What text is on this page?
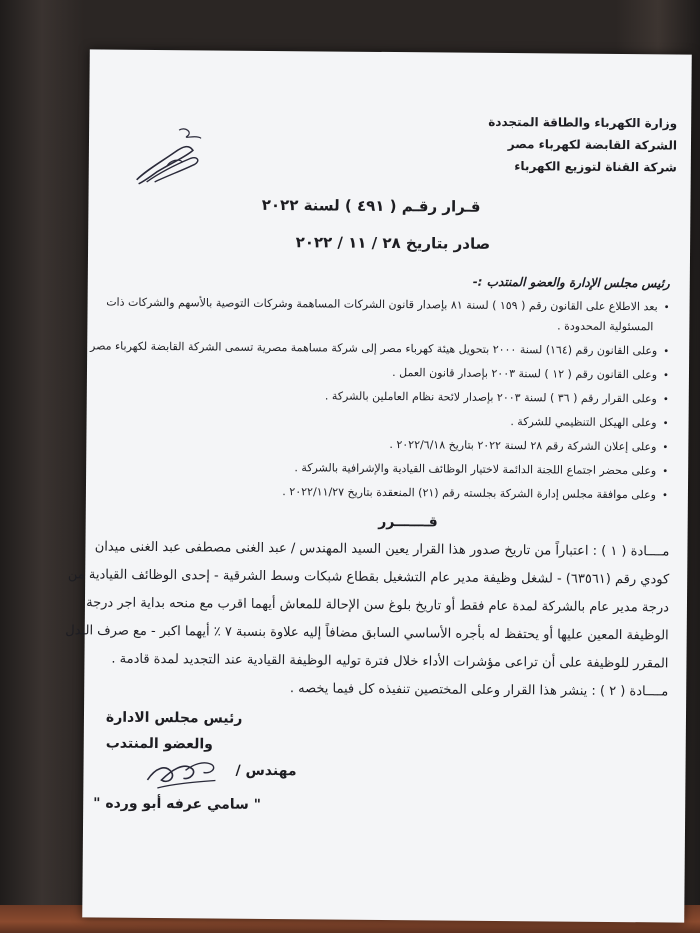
وزارة الكهرباء والطاقة المتجددة
الشركة القابضة لكهرباء مصر
شركة القناة لتوزيع الكهرباء
قـرار رقـم ( ٤٩١ ) لسنة ٢٠٢٢
صادر بتاريخ ٢٨ / ١١ / ٢٠٢٢
رئيس مجلس الإدارة والعضو المنتدب :-
•بعد الاطلاع على القانون رقم ( ١٥٩ ) لسنة ٨١ بإصدار قانون الشركات المساهمة وشركات التوصية بالأسهم والشركات ذات
المسئولية المحدودة .
•وعلى القانون رقم (١٦٤) لسنة ٢٠٠٠ بتحويل هيئة كهرباء مصر إلى شركة مساهمة مصرية تسمى الشركة القابضة لكهرباء مصر .
•وعلى القانون رقم ( ١٢ ) لسنة ٢٠٠٣ بإصدار قانون العمل .
•وعلى القرار رقم ( ٣٦ ) لسنة ٢٠٠٣ بإصدار لائحة نظام العاملين بالشركة .
•وعلى الهيكل التنظيمي للشركة .
•وعلى إعلان الشركة رقم ٢٨ لسنة ٢٠٢٢ بتاريخ ٢٠٢٢/٦/١٨ .
•وعلى محضر اجتماع اللجنة الدائمة لاختيار الوظائف القيادية والإشرافية بالشركة .
•وعلى موافقة مجلس إدارة الشركة بجلسته رقم (٢١) المنعقدة بتاريخ ٢٠٢٢/١١/٢٧ .
قـــــــرر
مــــادة ( ١ ) : اعتباراً من تاريخ صدور هذا القرار يعين السيد المهندس / عبد الغنى مصطفى عبد الغنى ميدان
كودي رقم (٦٣٥٦١) - لشغل وظيفة مدير عام التشغيل بقطاع شبكات وسط الشرقية - إحدى الوظائف القيادية من
درجة مدير عام بالشركة لمدة عام فقط أو تاريخ بلوغ سن الإحالة للمعاش أيهما اقرب مع منحه بداية اجر درجة
الوظيفة المعين عليها أو يحتفظ له بأجره الأساسي السابق مضافاً إليه علاوة بنسبة ٧ ٪ أيهما اكبر - مع صرف البدل
المقرر للوظيفة على أن تراعى مؤشرات الأداء خلال فترة توليه الوظيفة القيادية عند التجديد لمدة قادمة .
مــــادة ( ٢ ) : ينشر هذا القرار وعلى المختصين تنفيذه كل فيما يخصه .
رئيس مجلس الادارة
والعضو المنتدب
مهندس /
" سامي عرفه أبو ورده "
